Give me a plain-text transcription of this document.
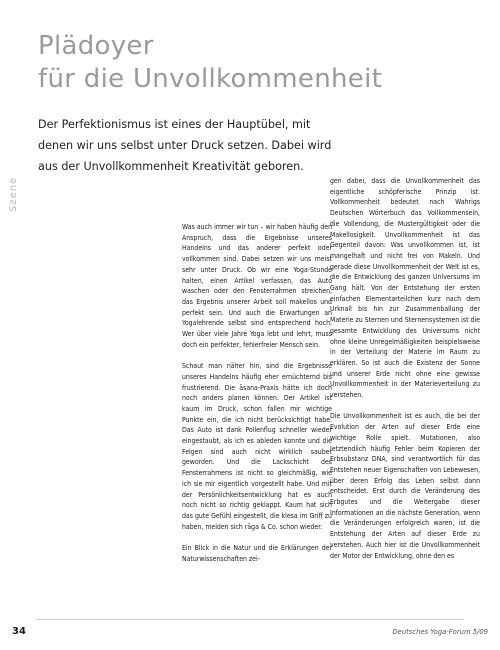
Plädoyer
für die Unvollkommenheit
Der Perfektionismus ist eines der Hauptübel, mit
denen wir uns selbst unter Druck setzen. Dabei wird
aus der Unvollkommenheit Kreativität geboren.
Szene

Was auch immer wir tun – wir haben häufig den Anspruch, dass die Ergebnisse unseres Handelns und das anderer perfekt oder vollkommen sind. Dabei setzen wir uns meist sehr unter Druck. Ob wir eine Yoga-Stunde halten, einen Artikel verfassen, das Auto waschen oder den Fensterrahmen streichen, das Ergebnis unserer Arbeit soll makellos und perfekt sein. Und auch die Erwartungen an Yogalehrende selbst sind entsprechend hoch. Wer über viele Jahre Yoga lebt und lehrt, muss doch ein perfekter, fehlerfreier Mensch sein.

Schaut man näher hin, sind die Ergebnisse unseres Handelns häufig eher ernüchternd bis frustrierend. Die āsana-Praxis hätte ich doch noch anders planen können. Der Artikel ist kaum im Druck, schon fallen mir wichtige Punkte ein, die ich nicht berücksichtigt habe. Das Auto ist dank Pollenflug schneller wieder eingestaubt, als ich es ableden konnte und die Felgen sind auch nicht wirklich sauber geworden. Und die Lackschicht des Fensterrahmens ist nicht so gleichmäßig, wie ich sie mir eigentlich vorgestellt habe. Und mit der Persönlichkeitsentwicklung hat es auch noch nicht so richtig geklappt. Kaum hat sich das gute Gefühl eingestellt, die klesa im Griff zu haben, melden sich rāga & Co. schon wieder.

Ein Blick in die Natur und die Erklärungen der Naturwissenschaften zei-

gen dabei, dass die Unvollkommenheit das eigentliche schöpferische Prinzip ist. Vollkommenheit bedeutet nach Wahrigs Deutschen Wörterbuch das Vollkommensein, die Vollendung, die Mustergültigkeit oder die Makellosigkeit. Unvollkommenheit ist das Gegenteil davon: Was unvollkommen ist, ist mangelhaft und nicht frei von Makeln. Und gerade diese Unvollkommenheit der Welt ist es, die die Entwicklung des ganzen Universums im Gang hält. Von der Entstehung der ersten einfachen Elementarteilchen kurz nach dem Urknall bis hin zur Zusammenballung der Materie zu Sternen und Sternensystemen ist die gesamte Entwicklung des Universums nicht ohne kleine Unregelmäßigkeiten beispielsweise in der Verteilung der Materie im Raum zu erklären. So ist auch die Existenz der Sonne und unserer Erde nicht ohne eine gewisse Unvollkommenheit in der Materieverteilung zu verstehen.

Die Unvollkommenheit ist es auch, die bei der Evolution der Arten auf dieser Erde eine wichtige Rolle spielt. Mutationen, also letztendlich häufig Fehler beim Kopieren der Erbsubstanz DNA, sind verantwortlich für das Entstehen neuer Eigenschaften von Lebewesen, über deren Erfolg das Leben selbst dann entscheidet. Erst durch die Veränderung des Erbgutes und die Weitergabe dieser Informationen an die nächste Generation, wenn die Veränderungen erfolgreich waren, ist die Entstehung der Arten auf dieser Erde zu verstehen. Auch hier ist die Unvollkommenheit der Motor der Entwicklung, ohne den es

34	Deutsches Yoga-Forum 5/09
